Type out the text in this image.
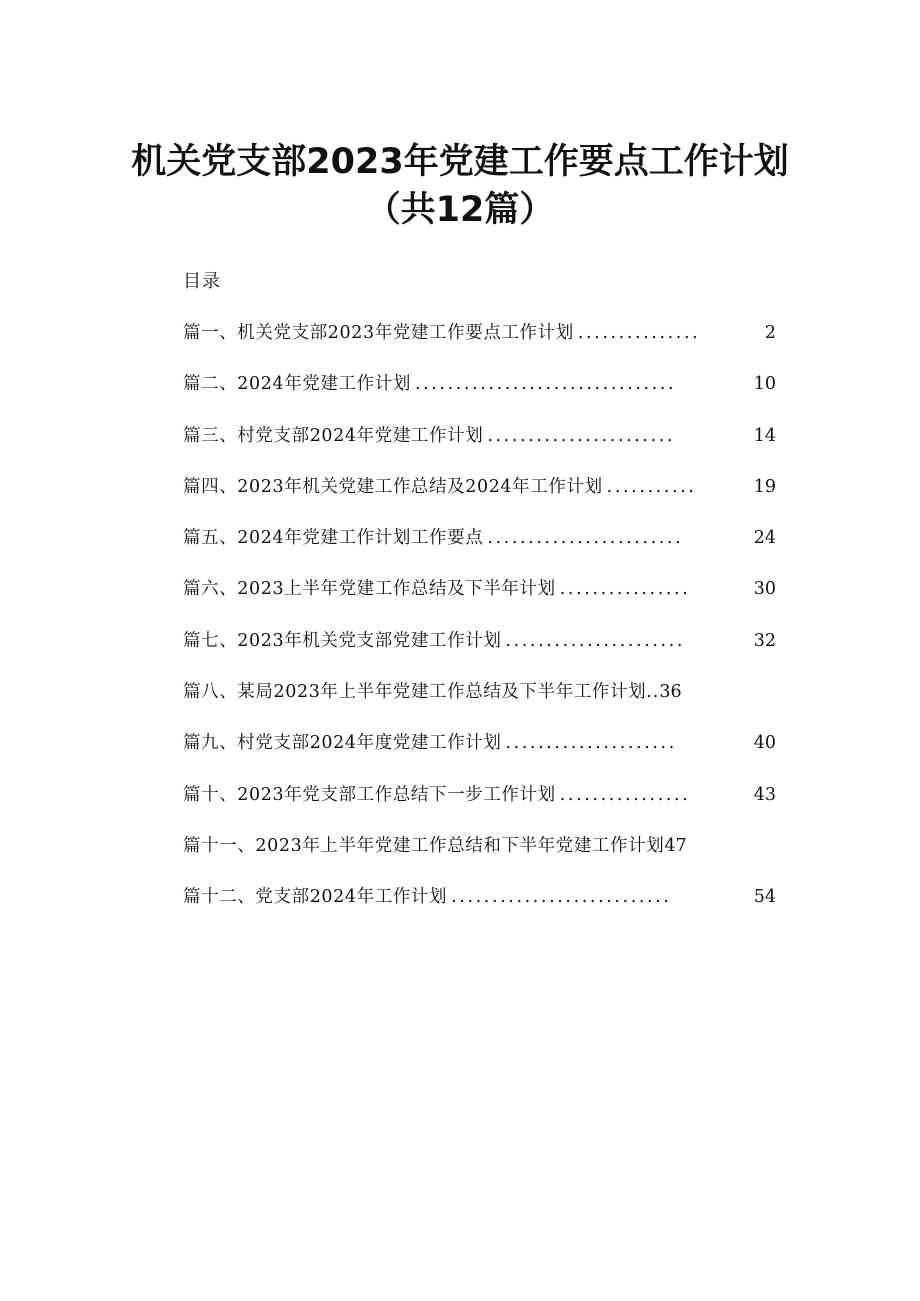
机关党支部2023年党建工作要点工作计划
（共12篇）
目录
篇一、机关党支部2023年党建工作要点工作计划 ...............	2
篇二、2024年党建工作计划 ................................	10
篇三、村党支部2024年党建工作计划 .......................	14
篇四、2023年机关党建工作总结及2024年工作计划 ...........	19
篇五、2024年党建工作计划工作要点 ........................	24
篇六、2023上半年党建工作总结及下半年计划 ................	30
篇七、2023年机关党支部党建工作计划 ......................	32
篇八、某局2023年上半年党建工作总结及下半年工作计划 .. 36
篇九、村党支部2024年度党建工作计划 .....................	40
篇十、2023年党支部工作总结下一步工作计划 ................	43
篇十一、2023年上半年党建工作总结和下半年党建工作计划 47
篇十二、党支部2024年工作计划 ...........................	54
